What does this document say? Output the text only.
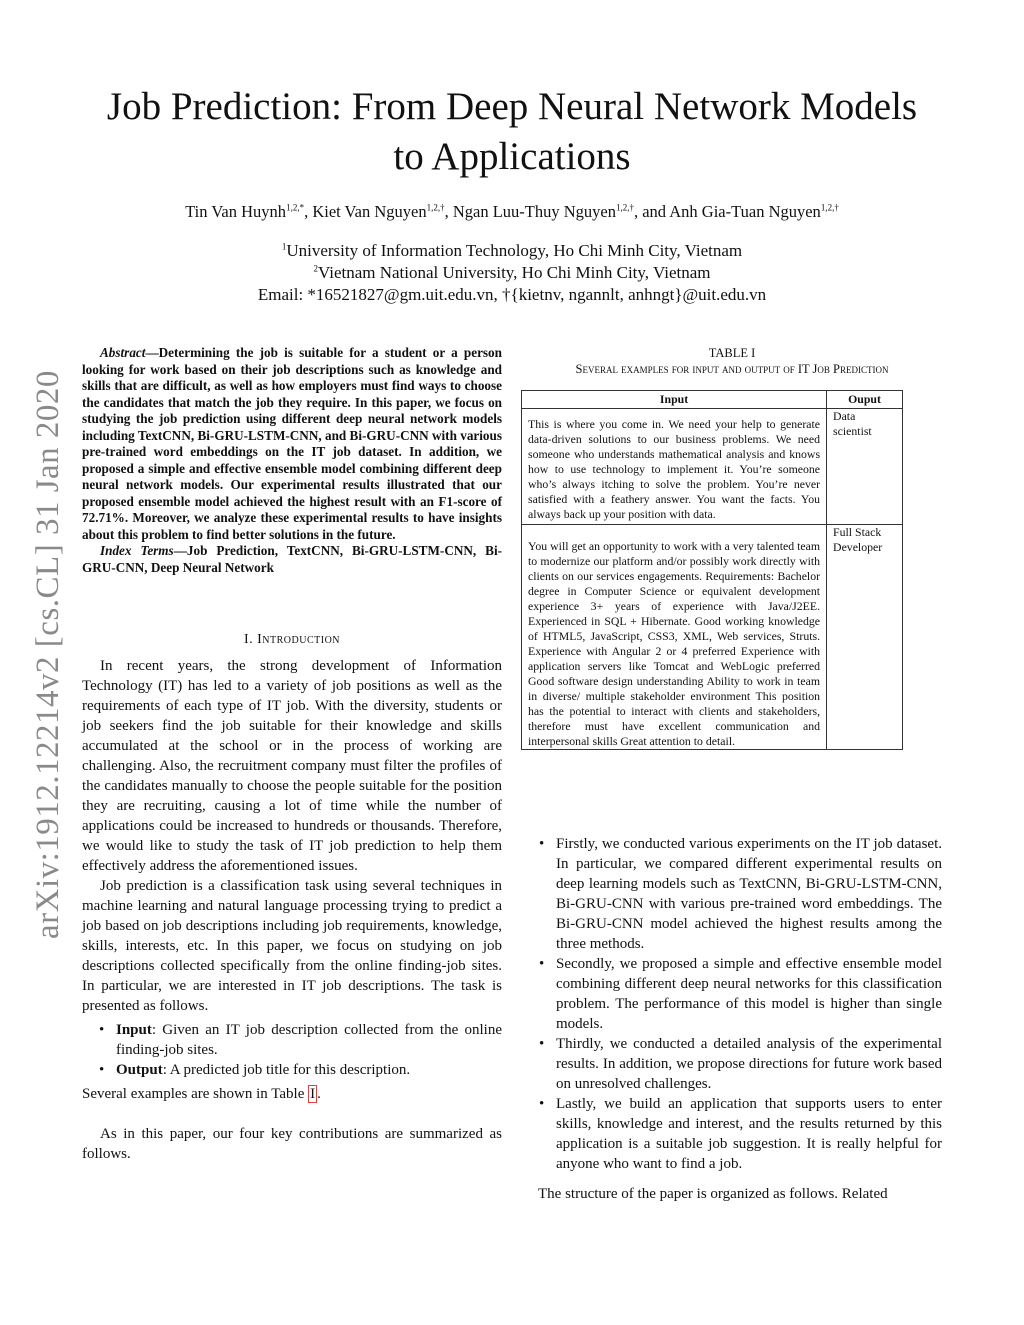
Job Prediction: From Deep Neural Network Models
to Applications
Tin Van Huynh$^{1,2,*}$, Kiet Van Nguyen$^{1,2,\dagger}$, Ngan Luu-Thuy Nguyen$^{1,2,\dagger}$, and Anh Gia-Tuan Nguyen$^{1,2,\dagger}$
$^1$University of Information Technology, Ho Chi Minh City, Vietnam
$^2$Vietnam National University, Ho Chi Minh City, Vietnam
Email: *16521827@gm.uit.edu.vn, †{kietnv, ngannlt, anhngt}@uit.edu.vn
arXiv:1912.12214v2 [cs.CL] 31 Jan 2020
Abstract—Determining the job is suitable for a student or a person looking for work based on their job descriptions such as knowledge and skills that are difficult, as well as how employers must find ways to choose the candidates that match the job they require. In this paper, we focus on studying the job prediction using different deep neural network models including TextCNN, Bi-GRU-LSTM-CNN, and Bi-GRU-CNN with various pre-trained word embeddings on the IT job dataset. In addition, we proposed a simple and effective ensemble model combining different deep neural network models. Our experimental results illustrated that our proposed ensemble model achieved the highest result with an F1-score of 72.71%. Moreover, we analyze these experimental results to have insights about this problem to find better solutions in the future.
Index Terms—Job Prediction, TextCNN, Bi-GRU-LSTM-CNN, Bi-GRU-CNN, Deep Neural Network
I. Introduction

In recent years, the strong development of Information Technology (IT) has led to a variety of job positions as well as the requirements of each type of IT job. With the diversity, students or job seekers find the job suitable for their knowledge and skills accumulated at the school or in the process of working are challenging. Also, the recruitment company must filter the profiles of the candidates manually to choose the people suitable for the position they are recruiting, causing a lot of time while the number of applications could be increased to hundreds or thousands. Therefore, we would like to study the task of IT job prediction to help them effectively address the aforementioned issues.

Job prediction is a classification task using several techniques in machine learning and natural language processing trying to predict a job based on job descriptions including job requirements, knowledge, skills, interests, etc. In this paper, we focus on studying on job descriptions collected specifically from the online finding-job sites. In particular, we are interested in IT job descriptions. The task is presented as follows.

• Input: Given an IT job description collected from the online finding-job sites.
• Output: A predicted job title for this description.

Several examples are shown in Table I .

As in this paper, our four key contributions are summarized as follows.

TABLE I
Several examples for input and output of IT Job Prediction
Input	Ouput
This is where you come in. We need your help to generate data-driven solutions to our business problems. We need someone who understands mathematical analysis and knows how to use technology to implement it. You’re someone who’s always itching to solve the problem. You’re never satisfied with a feathery answer. You want the facts. You always back up your position with data.	Data scientist
You will get an opportunity to work with a very talented team to modernize our platform and/or possibly work directly with clients on our services engagements. Requirements: Bachelor degree in Computer Science or equivalent development experience 3+ years of experience with Java/J2EE. Experienced in SQL + Hibernate. Good working knowledge of HTML5, JavaScript, CSS3, XML, Web services, Struts. Experience with Angular 2 or 4 preferred Experience with application servers like Tomcat and WebLogic preferred Good software design understanding Ability to work in team in diverse/ multiple stakeholder environment This position has the potential to interact with clients and stakeholders, therefore must have excellent communication and interpersonal skills Great attention to detail.	Full Stack Developer
• Firstly, we conducted various experiments on the IT job dataset. In particular, we compared different experimental results on deep learning models such as TextCNN, Bi-GRU-LSTM-CNN, Bi-GRU-CNN with various pre-trained word embeddings. The Bi-GRU-CNN model achieved the highest results among the three methods.
• Secondly, we proposed a simple and effective ensemble model combining different deep neural networks for this classification problem. The performance of this model is higher than single models.
• Thirdly, we conducted a detailed analysis of the experimental results. In addition, we propose directions for future work based on unresolved challenges.
• Lastly, we build an application that supports users to enter skills, knowledge and interest, and the results returned by this application is a suitable job suggestion. It is really helpful for anyone who want to find a job.
The structure of the paper is organized as follows. Related
